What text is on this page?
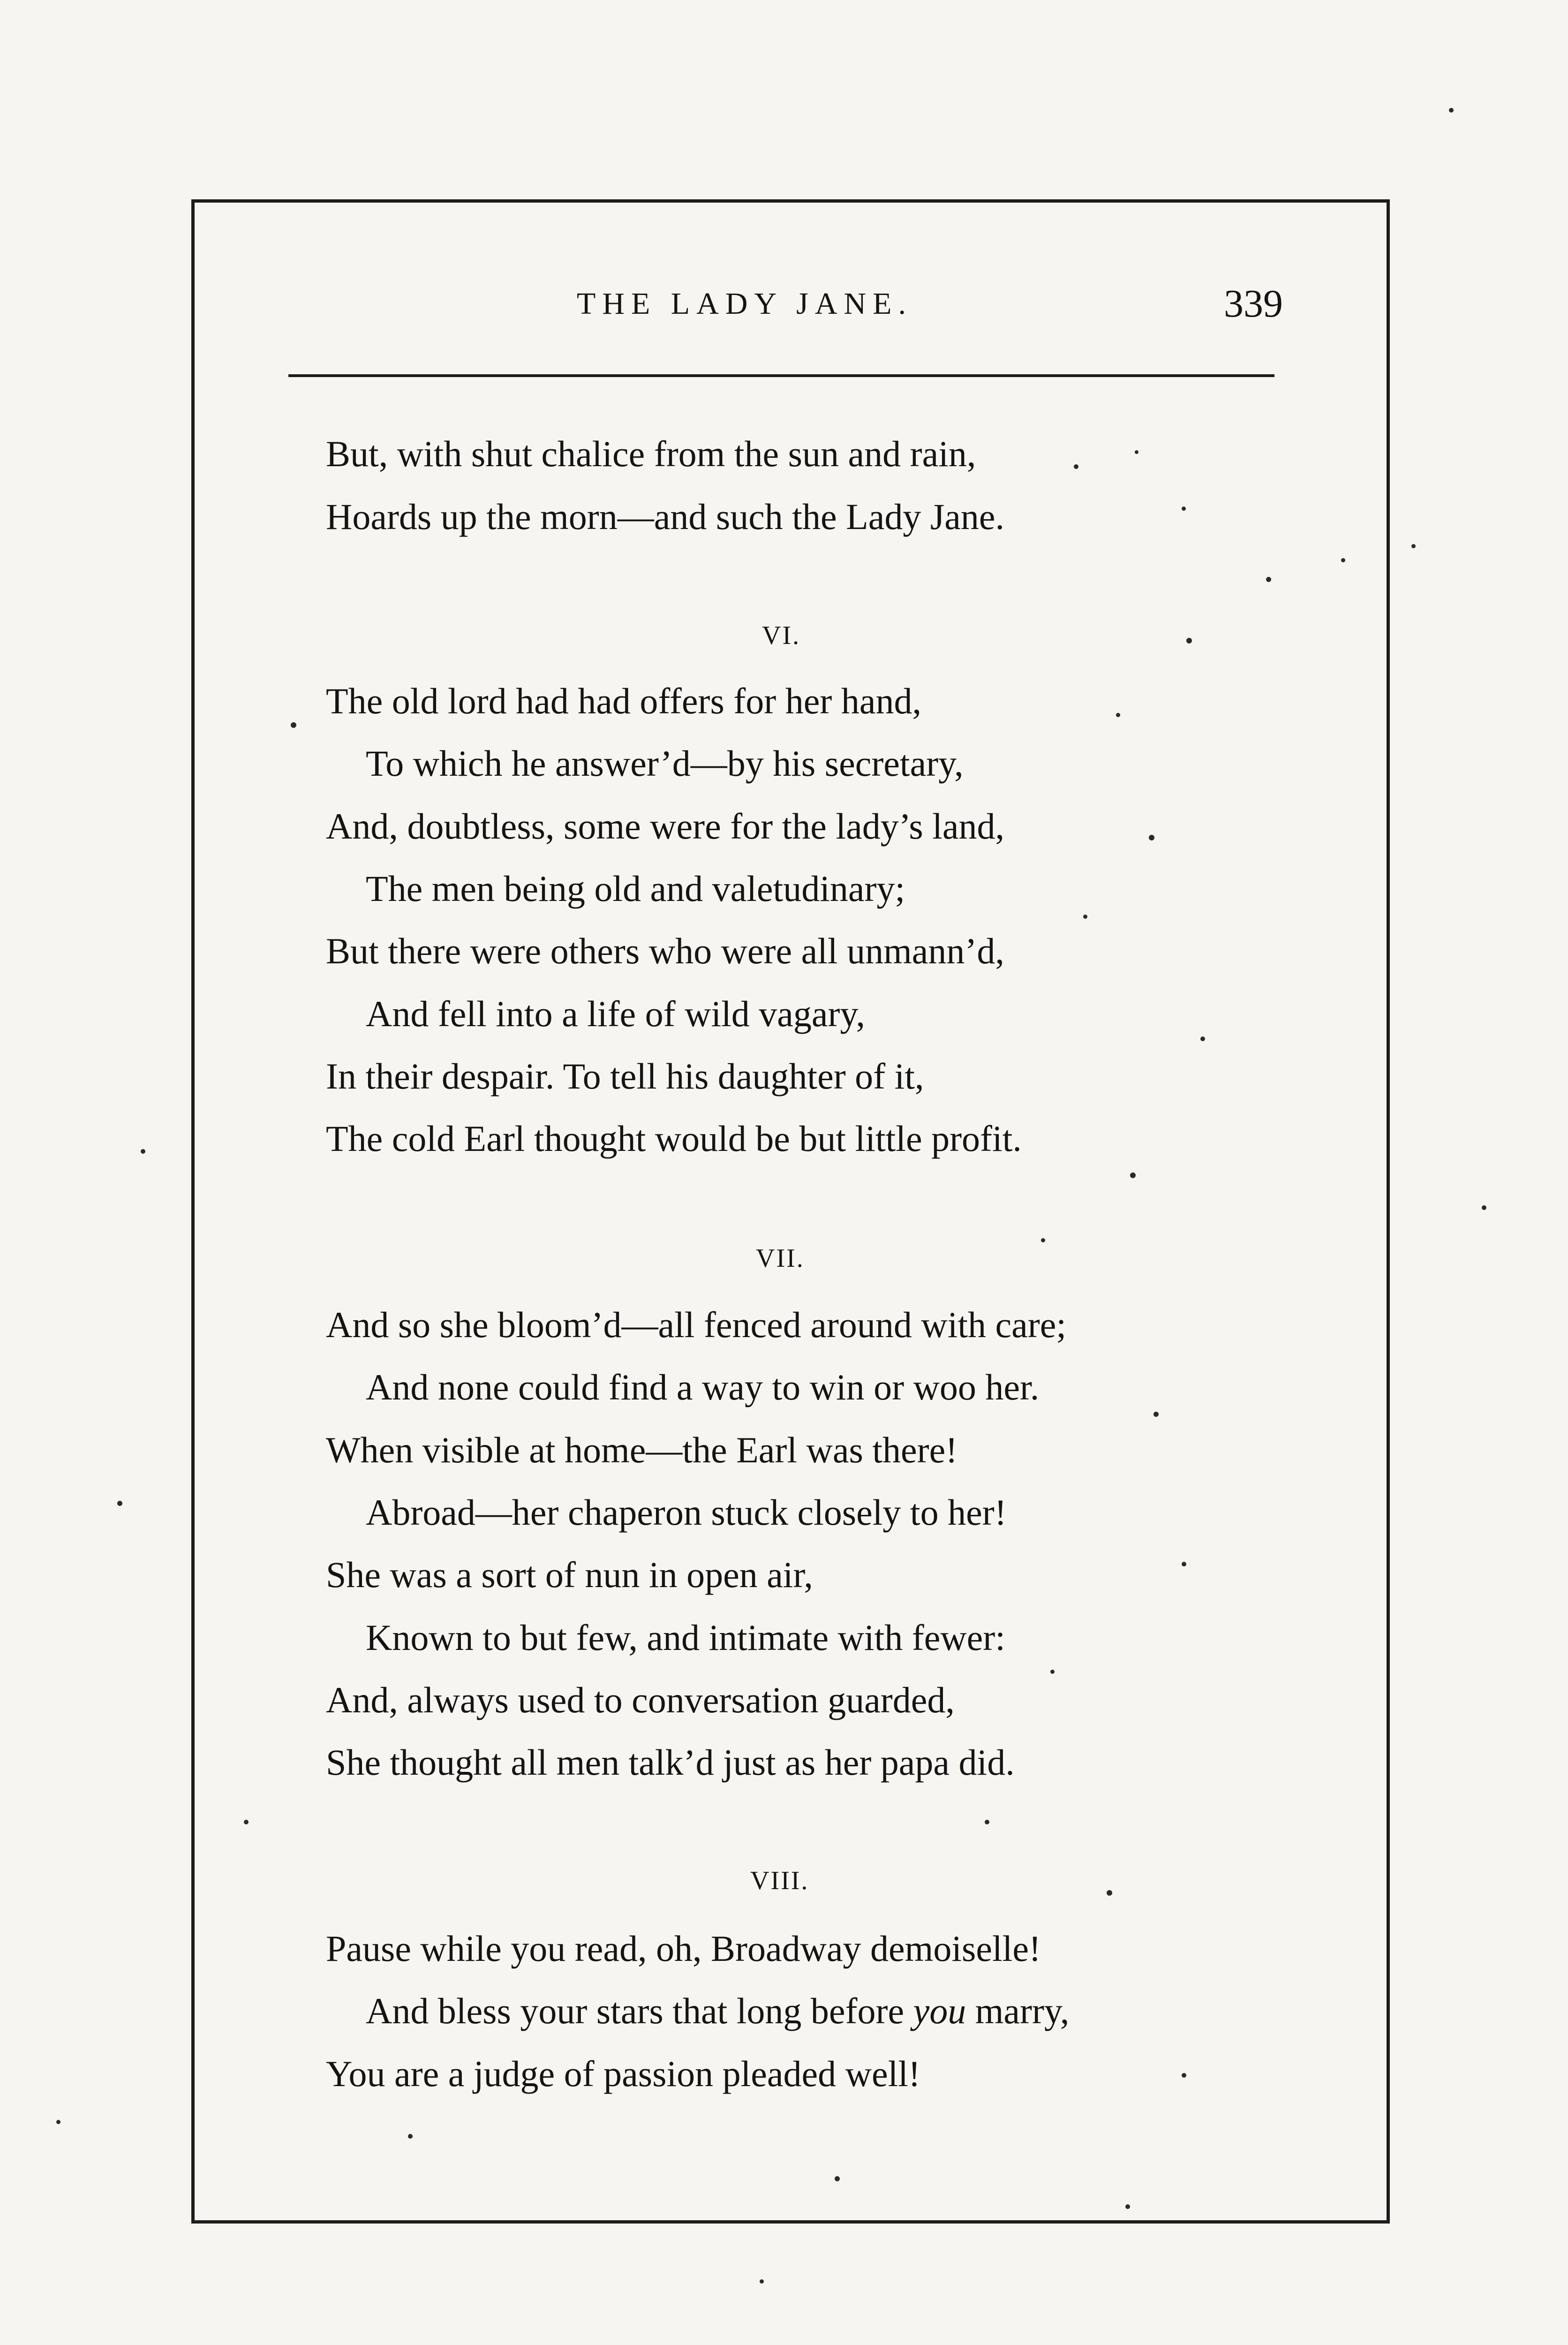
THE LADY JANE.	339
But, with shut chalice from the sun and rain,
Hoards up the morn—and such the Lady Jane.
VI.
The old lord had had offers for her hand,
To which he answer’d—by his secretary,
And, doubtless, some were for the lady’s land,
The men being old and valetudinary;
But there were others who were all unmann’d,
And fell into a life of wild vagary,
In their despair. To tell his daughter of it,
The cold Earl thought would be but little profit.
VII.
And so she bloom’d—all fenced around with care;
And none could find a way to win or woo her.
When visible at home—the Earl was there!
Abroad—her chaperon stuck closely to her!
She was a sort of nun in open air,
Known to but few, and intimate with fewer:
And, always used to conversation guarded,
She thought all men talk’d just as her papa did.
VIII.
Pause while you read, oh, Broadway demoiselle!
And bless your stars that long before you marry,
You are a judge of passion pleaded well!
